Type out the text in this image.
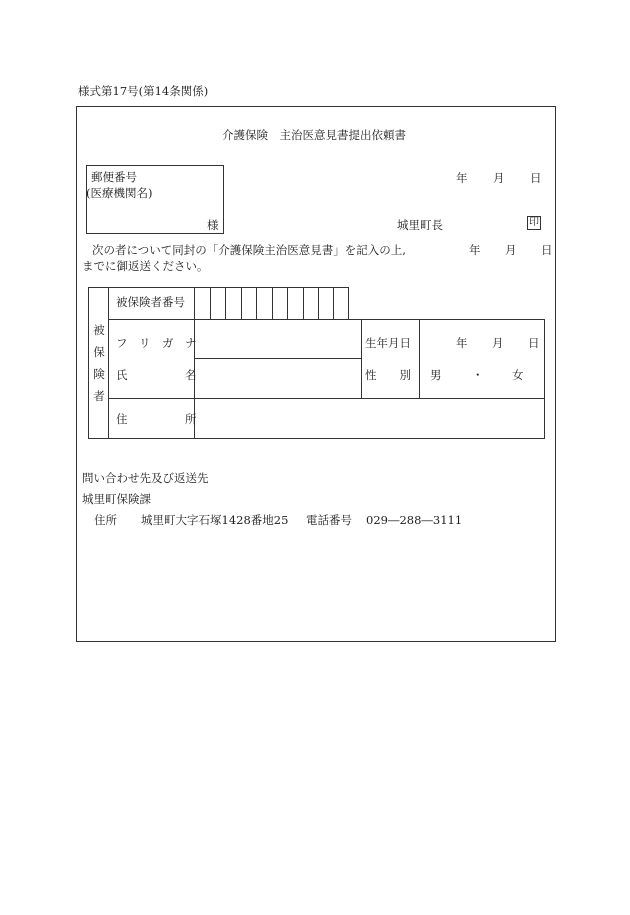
様式第17号(第14条関係)
介護保険　主治医意見書提出依頼書
郵便番号
(医療機関名)
様
年 月 日
城里町長	印
次の者について同封の「介護保険主治医意見書」を記入の上,	年 月 日
までに御返送ください。
被
保
険
者
被保険者番号
フ　リ　ガ　ナ
氏　　　　　名
生年月日	年 月 日
性　　別 男	・ 女
住　　　　　所
問い合わせ先及び返送先
城里町保険課
住所 城里町大字石塚1428番地25 電話番号 029―288―3111
